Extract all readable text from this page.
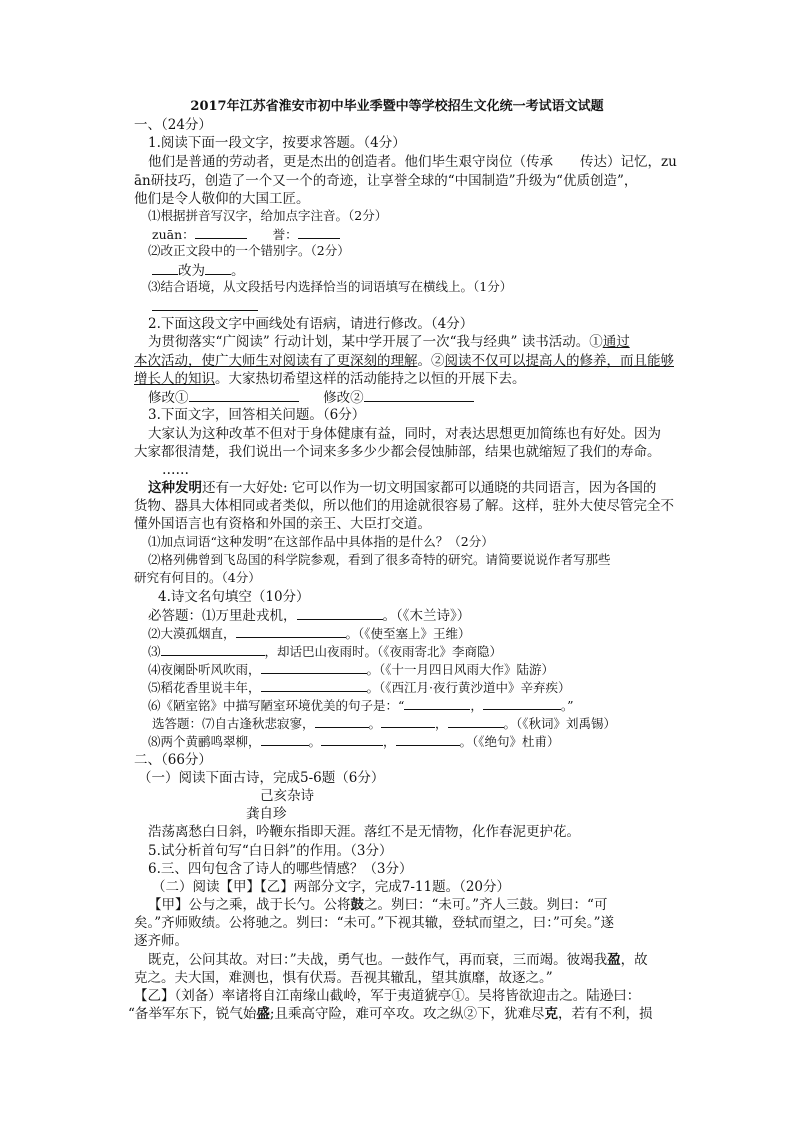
2017年江苏省淮安市初中毕业季暨中等学校招生文化统一考试语文试题
一、（24分）
1.阅读下面一段文字，按要求答题。（4分）
他们是普通的劳动者，更是杰出的创造者。他们毕生艰守岗位（传承　　传达）记忆，zu
ān研技巧，创造了一个又一个的奇迹，让享誉全球的“中国制造”升级为“优质创造”，
他们是令人敬仰的大国工匠。
⑴根据拼音写汉字，给加点字注音。（2分）
zuān：	誉：
⑵改正文段中的一个错别字。（2分）
改为 。
⑶结合语境，从文段括号内选择恰当的词语填写在横线上。（1分）
2.下面这段文字中画线处有语病，请进行修改。（4分）
为贯彻落实“广阅读” 行动计划，某中学开展了一次“我与经典” 读书活动。①通过
本次活动，使广大师生对阅读有了更深刻的理解。②阅读不仅可以提高人的修养，而且能够
增长人的知识。大家热切希望这样的活动能持之以恒的开展下去。
修改①	修改②
3.下面文字，回答相关问题。（6分）
大家认为这种改革不但对于身体健康有益，同时，对表达思想更加简练也有好处。因为
大家都很清楚，我们说出一个词来多多少少都会侵蚀肺部，结果也就缩短了我们的寿命。
……
这种发明还有一大好处: 它可以作为一切文明国家都可以通晓的共同语言，因为各国的
货物、器具大体相同或者类似，所以他们的用途就很容易了解。这样，驻外大使尽管完全不
懂外国语言也有资格和外国的亲王、大臣打交道。
⑴加点词语“这种发明”在这部作品中具体指的是什么？（2分）
⑵格列佛曾到飞岛国的科学院参观，看到了很多奇特的研究。请简要说说作者写那些
研究有何目的。（4分）
4.诗文名句填空（10分）
必答题：⑴万里赴戎机，	。（《木兰诗》）
⑵大漠孤烟直，	。（《使至塞上》王维）
⑶	，却话巴山夜雨时。（《夜雨寄北》李商隐）
⑷夜阑卧听风吹雨，	。（《十一月四日风雨大作》陆游）
⑸稻花香里说丰年，	。（《西江月·夜行黄沙道中》辛弃疾）
⑹《陋室铭》中描写陋室环境优美的句子是：“	，	。”
选答题：⑺自古逢秋悲寂寥，	。	，	。（《秋词》刘禹锡）
⑻两个黄鹂鸣翠柳，	。	，	。（《绝句》杜甫）
二、（66分）
（一）阅读下面古诗，完成5-6题（6分）
己亥杂诗
龚自珍
浩荡离愁白日斜，吟鞭东指即天涯。落红不是无情物，化作春泥更护花。
5.试分析首句写“白日斜”的作用。（3分）
6.三、四句包含了诗人的哪些情感？（3分）
（二）阅读【甲】【乙】两部分文字，完成7-11题。（20分）
【甲】公与之乘，战于长勺。公将鼓之。刿曰：“未可。”齐人三鼓。刿曰：“可
矣。”齐师败绩。公将驰之。刿曰：“未可。”下视其辙，登轼而望之，曰：”可矣。”遂
逐齐师。
既克，公问其故。对曰：”夫战，勇气也。一鼓作气，再而衰，三而竭。彼竭我盈，故
克之。夫大国，难测也，惧有伏焉。吾视其辙乱，望其旗靡，故逐之。”
【乙】（刘备）率诸将自江南缘山截岭，军于夷道猇亭①。吴将皆欲迎击之。陆逊曰：
“备举军东下，锐气始盛;且乘高守险，难可卒攻。攻之纵②下，犹难尽克，若有不利，损
